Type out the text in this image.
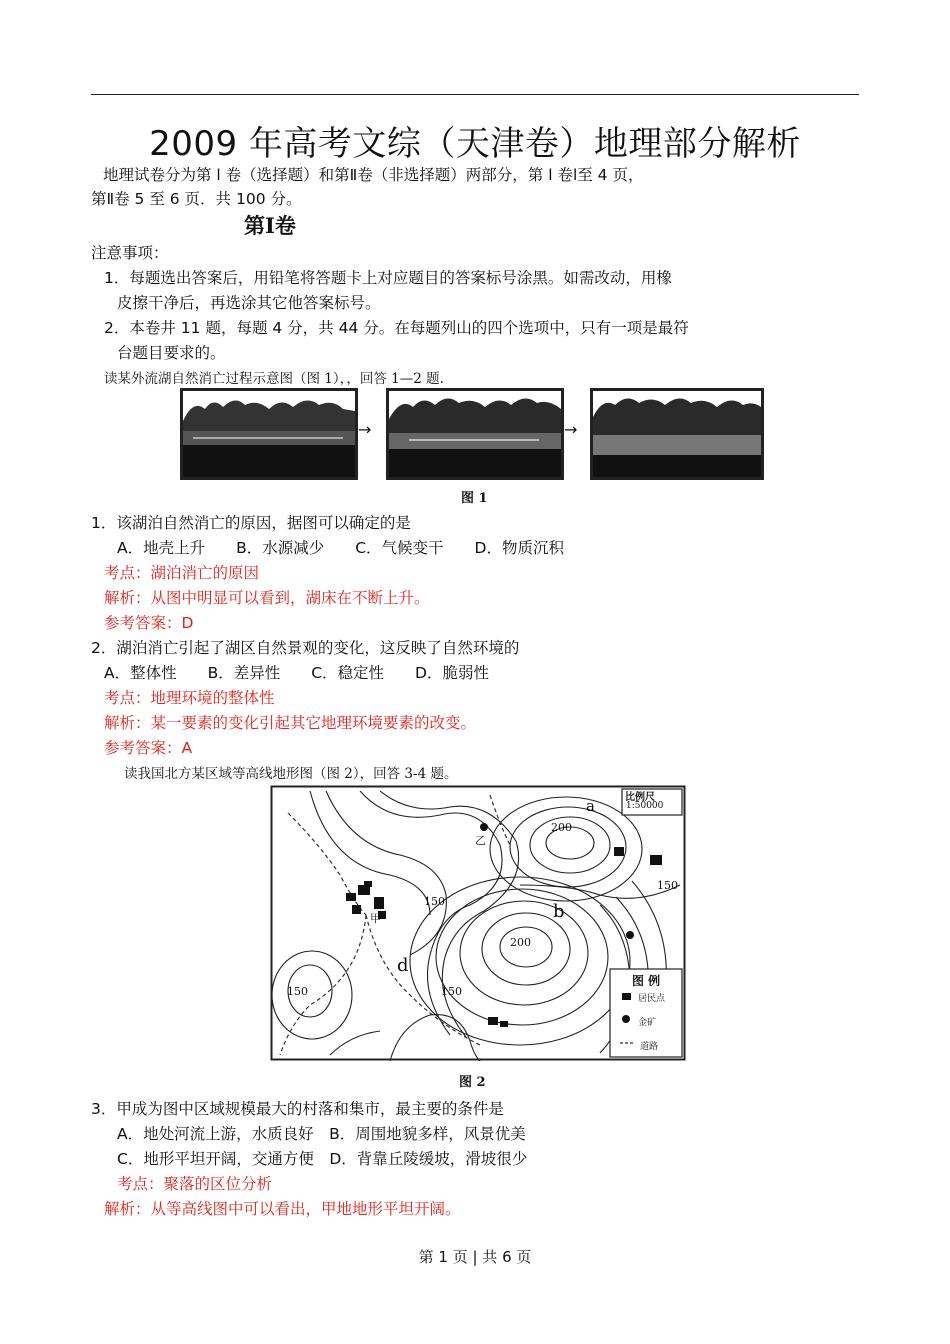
2009 年高考文综（天津卷）地理部分解析
地理试卷分为第 l 卷（选择题）和第Ⅱ卷（非选择题）两部分，第 l 卷l至 4 页，
第Ⅱ卷 5 至 6 页．共 100 分。
第Ⅰ卷
注意事项：
1．每题选出答案后，用铅笔将答题卡上对应题目的答案标号涂黑。如需改动，用橡
皮擦干净后，再选涂其它他答案标号。
2．本卷井 11 题，每题 4 分，共 44 分。在每题列山的四个选项中，只有一项是最符
台题目要求的。
读某外流湖自然消亡过程示意图（图 1），，回答 1—2 题.
→	→
图 1
1．该湖泊自然消亡的原因，据图可以确定的是
A．地壳上升　　B．水源减少　　C．气候变干　　D．物质沉积
考点：湖泊消亡的原因
解析：从图中明显可以看到，湖床在不断上升。
参考答案：D
2．湖泊消亡引起了湖区自然景观的变化，这反映了自然环境的
A．整体性　　B．差异性　　C．稳定性　　D．脆弱性
考点：地理环境的整体性
解析：某一要素的变化引起其它地理环境要素的改变。
参考答案：A
读我国北方某区域等高线地形图（图 2），回答 3-4 题。
比例尺
1:50000
图 例
居民点
金矿
道路
a
b
d
甲
乙
200
200
150
150
150
150
图 2
3．甲成为图中区域规模最大的村落和集市，最主要的条件是
A．地处河流上游，水质良好　B．周围地貌多样，风景优美
C．地形平坦开阔，交通方便　D．背靠丘陵缓坡，滑坡很少
考点：聚落的区位分析
解析：从等高线图中可以看出，甲地地形平坦开阔。
第 1 页 | 共 6 页
